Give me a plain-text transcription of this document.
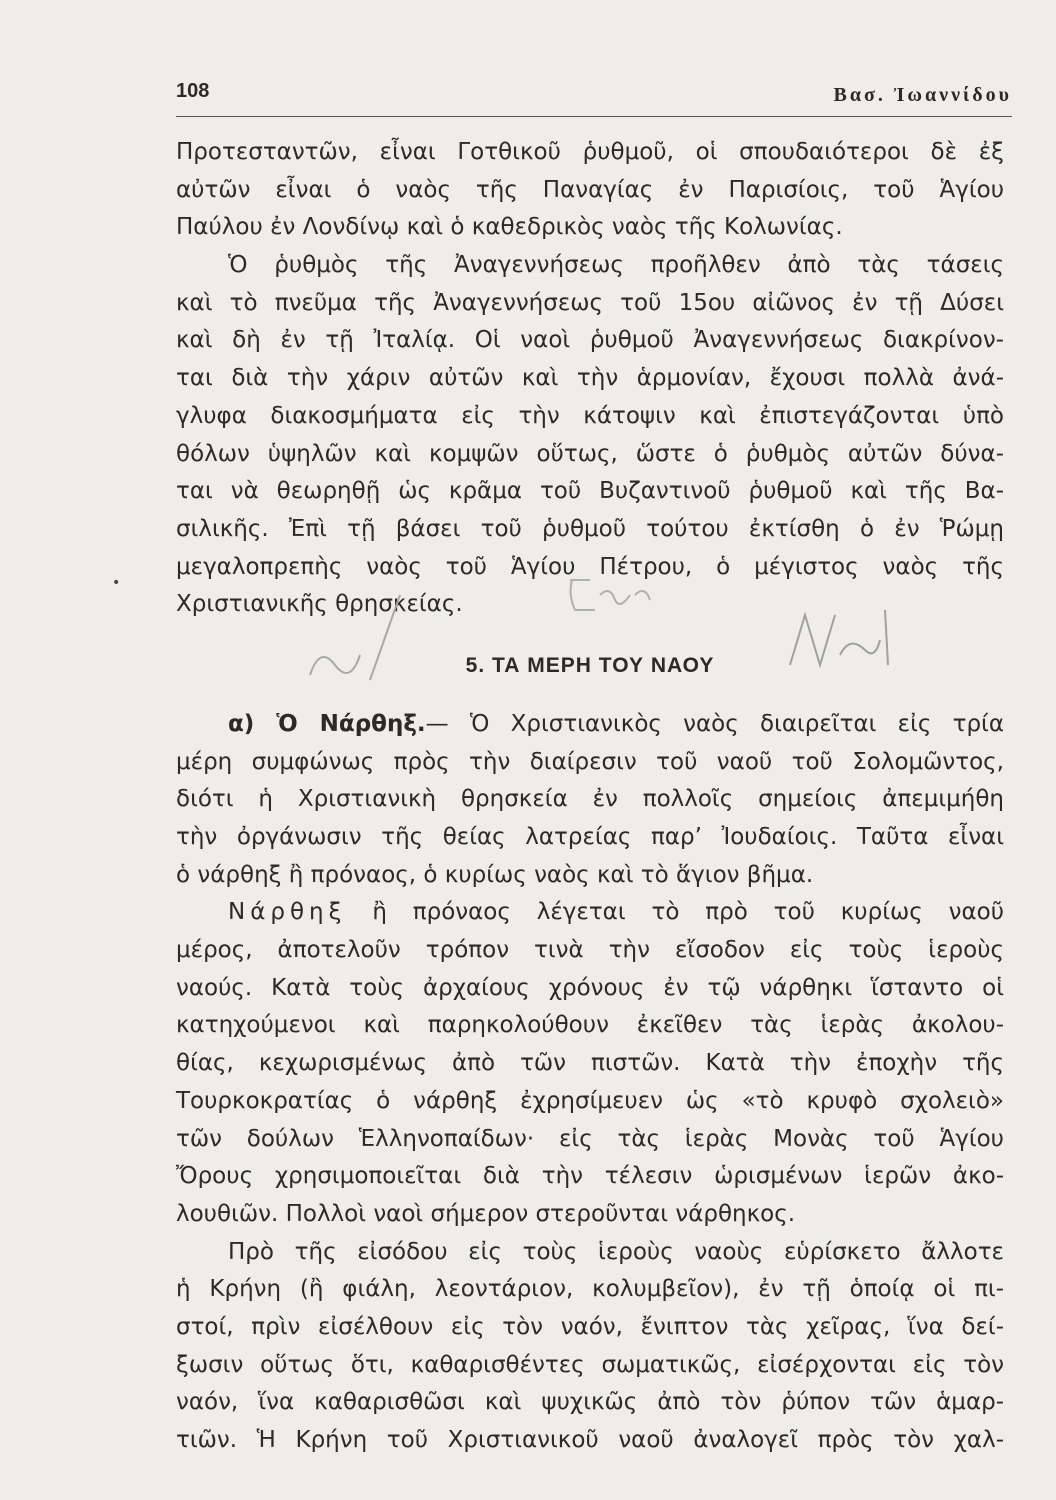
108	Βασ. Ἰωαννίδου
Προτεσταντῶν, εἶναι Γοτθικοῦ ῥυθμοῦ, οἱ σπουδαιότεροι δὲ ἐξ
αὐτῶν εἶναι ὁ ναὸς τῆς Παναγίας ἐν Παρισίοις, τοῦ Ἁγίου
Παύλου ἐν Λονδίνῳ καὶ ὁ καθεδρικὸς ναὸς τῆς Κολωνίας.
Ὁ ῥυθμὸς τῆς Ἀναγεννήσεως προῆλθεν ἀπὸ τὰς τάσεις
καὶ τὸ πνεῦμα τῆς Ἀναγεννήσεως τοῦ 15ου αἰῶνος ἐν τῇ Δύσει
καὶ δὴ ἐν τῇ Ἰταλίᾳ. Οἱ ναοὶ ῥυθμοῦ Ἀναγεννήσεως διακρίνον-
ται διὰ τὴν χάριν αὐτῶν καὶ τὴν ἁρμονίαν, ἔχουσι πολλὰ ἀνά-
γλυφα διακοσμήματα εἰς τὴν κάτοψιν καὶ ἐπιστεγάζονται ὑπὸ
θόλων ὑψηλῶν καὶ κομψῶν οὕτως, ὥστε ὁ ῥυθμὸς αὐτῶν δύνα-
ται νὰ θεωρηθῇ ὡς κρᾶμα τοῦ Βυζαντινοῦ ῥυθμοῦ καὶ τῆς Βα-
σιλικῆς. Ἐπὶ τῇ βάσει τοῦ ῥυθμοῦ τούτου ἐκτίσθη ὁ ἐν Ῥώμῃ
μεγαλοπρεπὴς ναὸς τοῦ Ἁγίου Πέτρου, ὁ μέγιστος ναὸς τῆς
Χριστιανικῆς θρησκείας.
5. ΤΑ ΜΕΡΗ ΤΟΥ ΝΑΟΥ
α) Ὁ Νάρθηξ.— Ὁ Χριστιανικὸς ναὸς διαιρεῖται εἰς τρία
μέρη συμφώνως πρὸς τὴν διαίρεσιν τοῦ ναοῦ τοῦ Σολομῶντος,
διότι ἡ Χριστιανικὴ θρησκεία ἐν πολλοῖς σημείοις ἀπεμιμήθη
τὴν ὀργάνωσιν τῆς θείας λατρείας παρ’ Ἰουδαίοις. Ταῦτα εἶναι
ὁ νάρθηξ ἢ πρόναος, ὁ κυρίως ναὸς καὶ τὸ ἅγιον βῆμα.
Νάρθηξ ἢ πρόναος λέγεται τὸ πρὸ τοῦ κυρίως ναοῦ
μέρος, ἀποτελοῦν τρόπον τινὰ τὴν εἴσοδον εἰς τοὺς ἱεροὺς
ναούς. Κατὰ τοὺς ἀρχαίους χρόνους ἐν τῷ νάρθηκι ἵσταντο οἱ
κατηχούμενοι καὶ παρηκολούθουν ἐκεῖθεν τὰς ἱερὰς ἀκολου-
θίας, κεχωρισμένως ἀπὸ τῶν πιστῶν. Κατὰ τὴν ἐποχὴν τῆς
Τουρκοκρατίας ὁ νάρθηξ ἐχρησίμευεν ὡς «τὸ κρυφὸ σχολειὸ»
τῶν δούλων Ἑλληνοπαίδων· εἰς τὰς ἱερὰς Μονὰς τοῦ Ἁγίου
Ὄρους χρησιμοποιεῖται διὰ τὴν τέλεσιν ὡρισμένων ἱερῶν ἀκο-
λουθιῶν. Πολλοὶ ναοὶ σήμερον στεροῦνται νάρθηκος.
Πρὸ τῆς εἰσόδου εἰς τοὺς ἱεροὺς ναοὺς εὑρίσκετο ἄλλοτε
ἡ Κρήνη (ἢ φιάλη, λεοντάριον, κολυμβεῖον), ἐν τῇ ὁποίᾳ οἱ πι-
στοί, πρὶν εἰσέλθουν εἰς τὸν ναόν, ἔνιπτον τὰς χεῖρας, ἵνα δεί-
ξωσιν οὕτως ὅτι, καθαρισθέντες σωματικῶς, εἰσέρχονται εἰς τὸν
ναόν, ἵνα καθαρισθῶσι καὶ ψυχικῶς ἀπὸ τὸν ῥύπον τῶν ἁμαρ-
τιῶν. Ἡ Κρήνη τοῦ Χριστιανικοῦ ναοῦ ἀναλογεῖ πρὸς τὸν χαλ-
•
